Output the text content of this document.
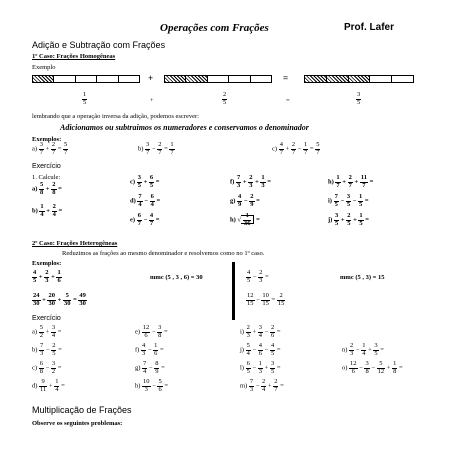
Operações com Frações	Prof. Lafer
Adição e Subtração com Frações
1º Caso: Frações Homogêneas
Exemplo
+	=
$\frac{1}{5}$	+	$\frac{2}{5}$	=	$\frac{3}{5}$
lembrando que a operação inversa da adição, podemos escrever:
Adicionamos ou subtraimos os numeradores e conservamos o denominador
Exemplos:
$a) \frac{3}{7} + \frac{2}{7} = \frac{5}{7}$	$b) \frac{3}{7} - \frac{2}{7} = \frac{1}{7}$	$c) \frac{4}{7} + \frac{2}{7} - \frac{1}{7} = \frac{5}{7}$
Exercício
1. Calcule:
$a) \frac{5}{8} + \frac{2}{8}$ =
$b) \frac{1}{4} + \frac{2}{4}$ =
$c) \frac{3}{5} + \frac{6}{5}$ =
$d) \frac{7}{4} - \frac{6}{4}$ =
$e) \frac{6}{7} - \frac{4}{7}$ =
$f) \frac{7}{3} + \frac{2}{3} + \frac{1}{3}$ =
$g) \frac{4}{9} - \frac{2}{9}$ =
h) √ $\frac{1}{36}$ =
$h) \frac{1}{7} + \frac{2}{7} + \frac{11}{7}$ =
$i) \frac{7}{5} - \frac{3}{5} - \frac{1}{5}$ =
$j) \frac{3}{5} + \frac{2}{5} + \frac{1}{5}$ =
2º Caso: Frações Heterogêneas
Reduzimos as frações ao mesmo denominador e resolvemos como no 1º caso.
Exemplos:
$\frac{4}{5} + \frac{2}{3} + \frac{1}{6}$	mmc (5 , 3 , 6) = 30
$\frac{24}{30} + \frac{20}{30} + \frac{5}{30} = \frac{49}{30}$
$\frac{4}{5} - \frac{2}{3}$ =	mmc (5 , 3) = 15
$\frac{12}{15} - \frac{10}{15} = \frac{2}{15}$
Exercício
$a) \frac{5}{2} + \frac{3}{4}$ =
$b) \frac{7}{3} - \frac{2}{5}$ =
$c) \frac{6}{8} - \frac{3}{2}$ =
$d) \frac{9}{11} + \frac{1}{4}$ =
$e) \frac{12}{6} - \frac{3}{8}$ =
$f) \frac{4}{3} - \frac{1}{6}$ =
$g) \frac{7}{4} - \frac{8}{9}$ =
$h) \frac{10}{3} - \frac{5}{6}$ =
$i) \frac{2}{3} + \frac{3}{4} - \frac{2}{6}$ =
$j) \frac{5}{4} - \frac{4}{6} - \frac{4}{5}$ =
$l) \frac{6}{5} - \frac{1}{3} + \frac{3}{5}$ =
$m) \frac{7}{3} - \frac{2}{4} + \frac{2}{7}$ =
$n) \frac{2}{3} - \frac{1}{4} + \frac{3}{5}$ =
$o) \frac{12}{6} - \frac{3}{8} - \frac{5}{12} + \frac{1}{8}$ =
Multiplicação de Frações
Observe os seguintes problemas:
